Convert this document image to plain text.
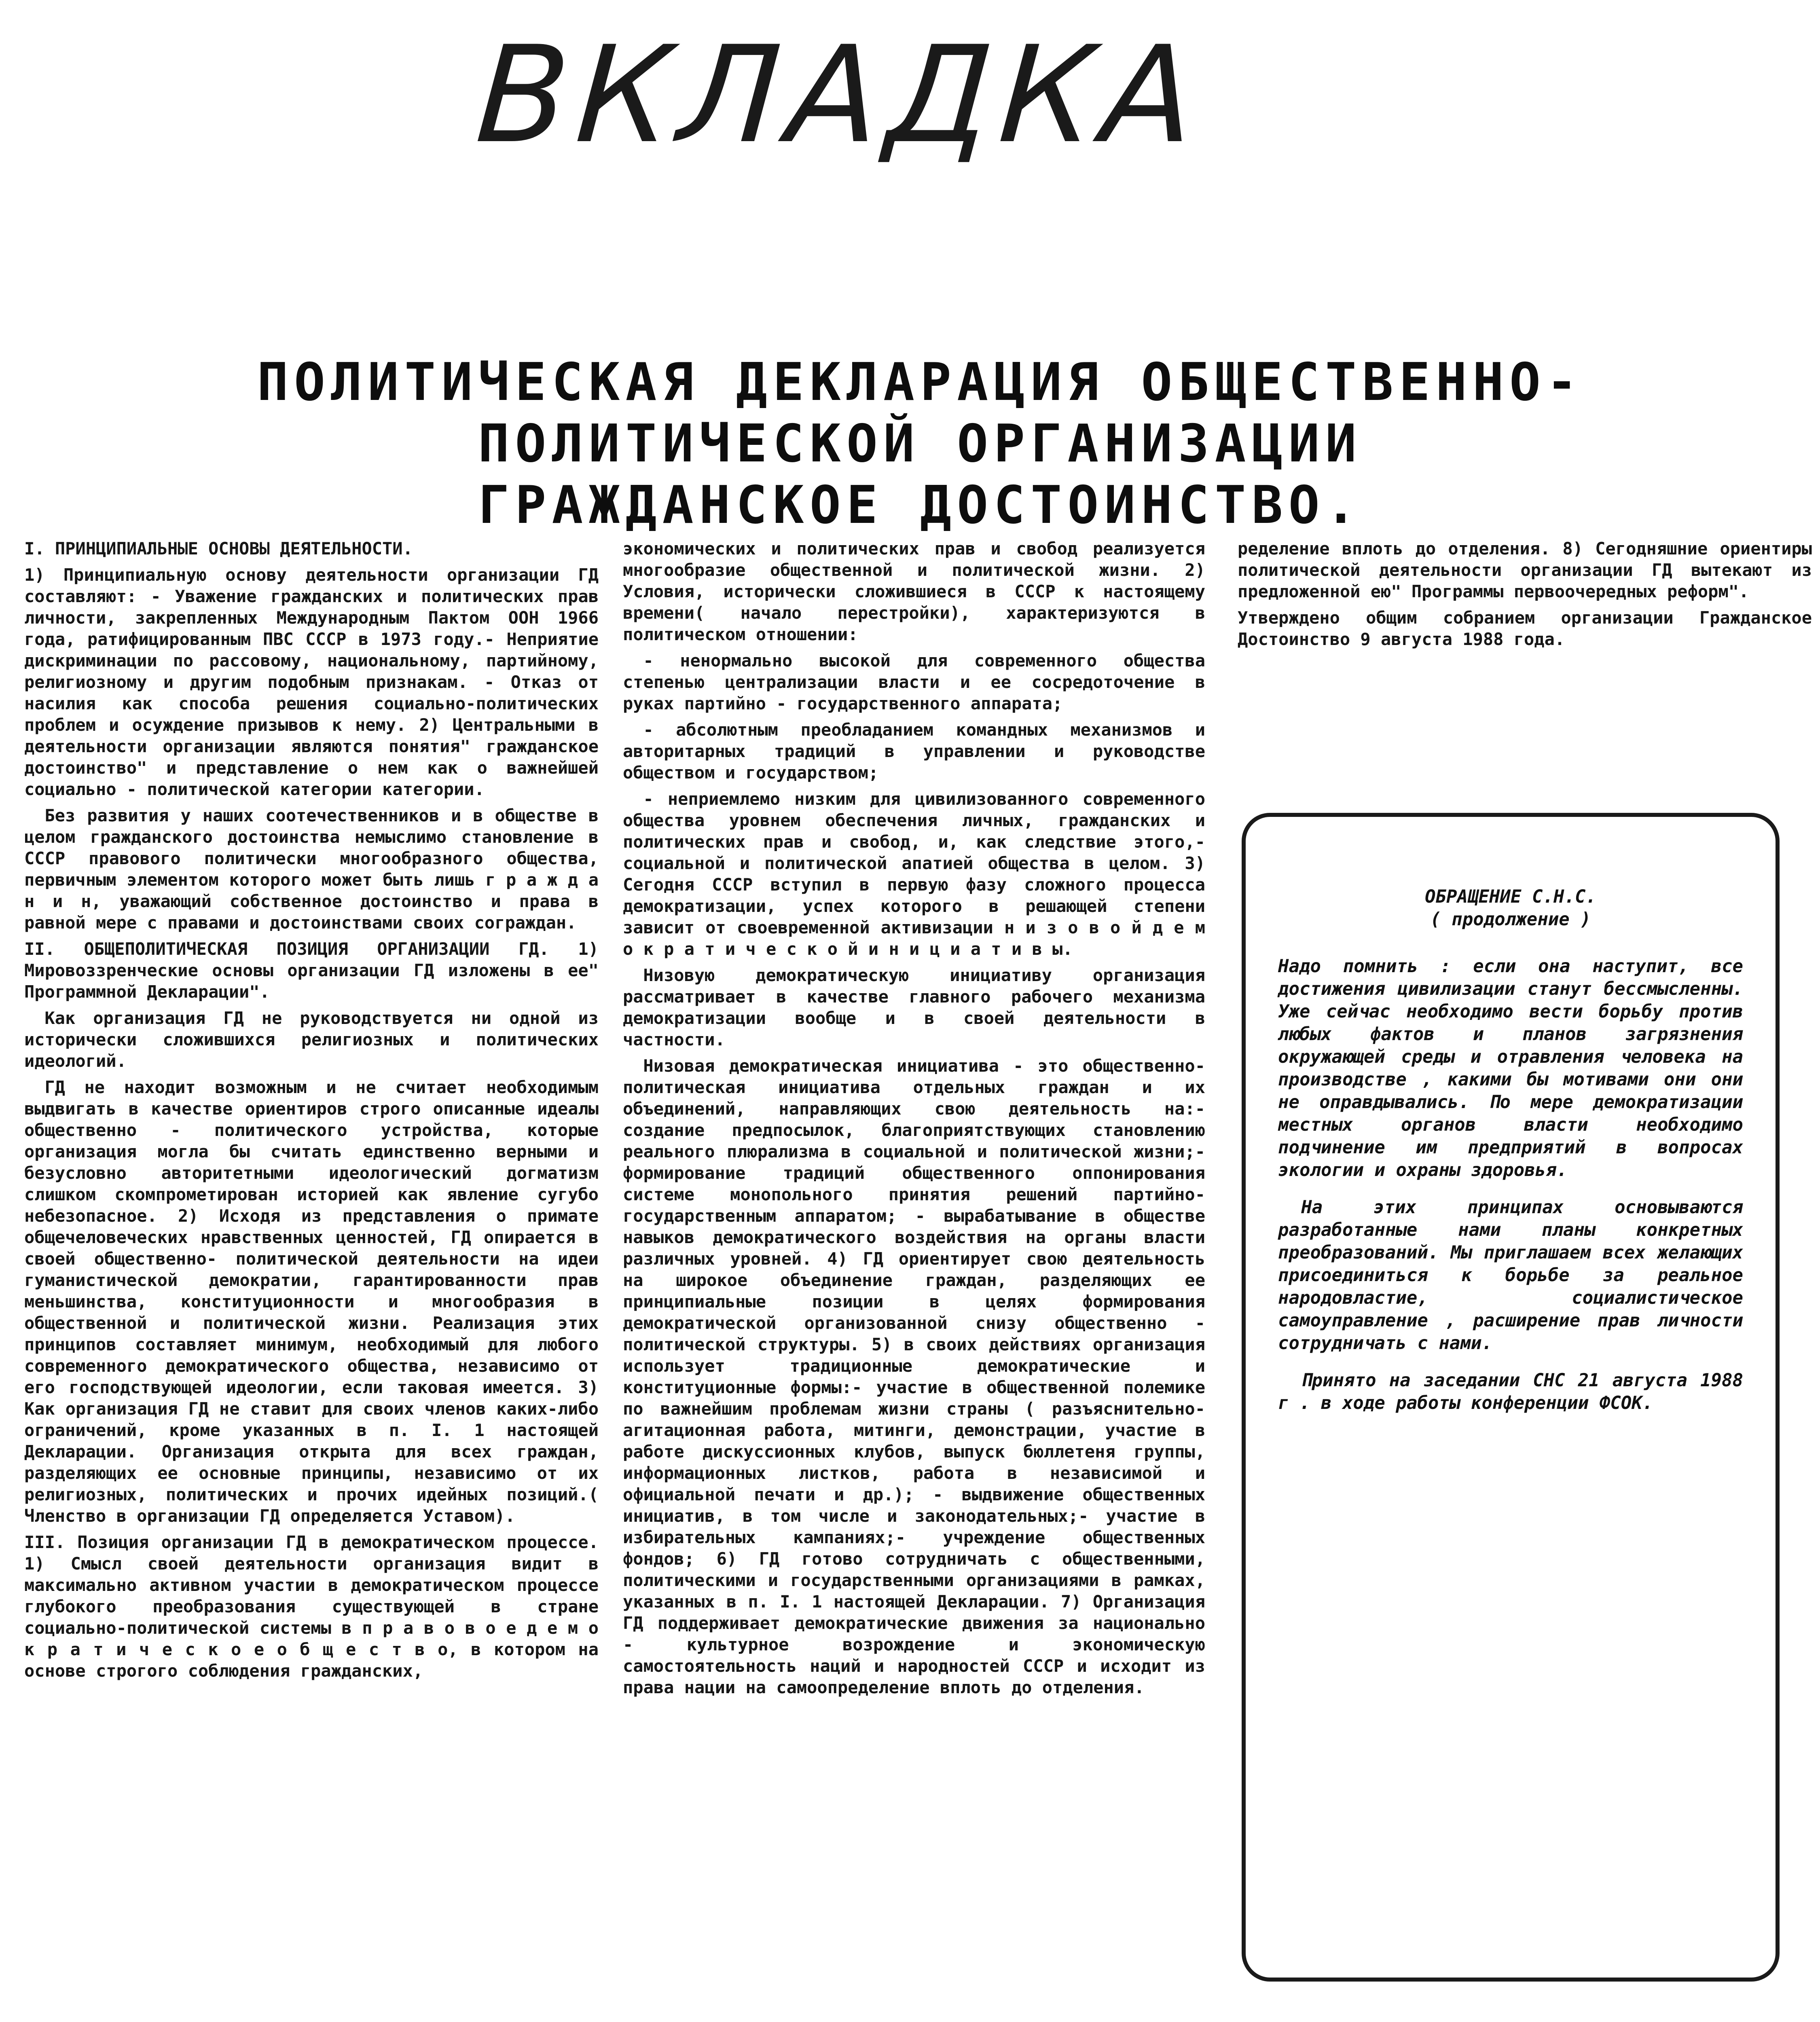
ВКЛАДКА
ПОЛИТИЧЕСКАЯ ДЕКЛАРАЦИЯ ОБЩЕСТВЕННО-
ПОЛИТИЧЕСКОЙ ОРГАНИЗАЦИИ
ГРАЖДАНСКОЕ ДОСТОИНСТВО.

I. ПРИНЦИПИАЛЬНЫЕ ОСНОВЫ ДЕЯТЕЛЬНОСТИ.

1) Принципиальную основу деятельности организации ГД составляют: - Уважение гражданских и политических прав личности, закрепленных Международным Пактом ООН 1966 года, ратифицированным ПВС СССР в 1973 году.- Неприятие дискриминации по рассовому, национальному, партийному, религиозному и другим подобным признакам. - Отказ от насилия как способа решения социально-политических проблем и осуждение призывов к нему. 2) Центральными в деятельности организации являются понятия" гражданское достоинство" и представление о нем как о важнейшей социально - политической категории категории.

Без развития у наших соотечественников и в обществе в целом гражданского достоинства немыслимо становление в СССР правового политически многообразного общества, первичным элементом которого может быть лишь г р а ж д а н и н, уважающий собственное достоинство и права в равной мере с правами и достоинствами своих сограждан.

II. ОБЩЕПОЛИТИЧЕСКАЯ ПОЗИЦИЯ ОРГАНИЗАЦИИ ГД. 1) Мировоззренческие основы организации ГД изложены в ее" Программной Декларации".

Как организация ГД не руководствуется ни одной из исторически сложившихся религиозных и политических идеологий.

ГД не находит возможным и не считает необходимым выдвигать в качестве ориентиров строго описанные идеалы общественно - политического устройства, которые организация могла бы считать единственно верными и безусловно авторитетными идеологический догматизм слишком скомпрометирован историей как явление сугубо небезопасное. 2) Исходя из представления о примате общечеловеческих нравственных ценностей, ГД опирается в своей общественно- политической деятельности на идеи гуманистической демократии, гарантированности прав меньшинства, конституционности и многообразия в общественной и политической жизни. Реализация этих принципов составляет минимум, необходимый для любого современного демократического общества, независимо от его господствующей идеологии, если таковая имеется. 3) Как организация ГД не ставит для своих членов каких-либо ограничений, кроме указанных в п. I. 1 настоящей Декларации. Организация открыта для всех граждан, разделяющих ее основные принципы, независимо от их религиозных, политических и прочих идейных позиций.( Членство в организации ГД определяется Уставом).

III. Позиция организации ГД в демократическом процессе. 1) Смысл своей деятельности организация видит в максимально активном участии в демократическом процессе глубокого преобразования существующей в стране социально-политической системы в п р а в о в о е д е м о к р а т и ч е с к о е о б щ е с т в о, в котором на основе строгого соблюдения гражданских,

экономических и политических прав и свобод реализуется многообразие общественной и политической жизни. 2) Условия, исторически сложившиеся в СССР к настоящему времени( начало перестройки), характеризуются в политическом отношении:

- ненормально высокой для современного общества степенью централизации власти и ее сосредоточение в руках партийно - государственного аппарата;

- абсолютным преобладанием командных механизмов и авторитарных традиций в управлении и руководстве обществом и государством;

- неприемлемо низким для цивилизованного современного общества уровнем обеспечения личных, гражданских и политических прав и свобод, и, как следствие этого,- социальной и политической апатией общества в целом. 3) Сегодня СССР вступил в первую фазу сложного процесса демократизации, успех которого в решающей степени зависит от своевременной активизации н и з о в о й д е м о к р а т и ч е с к о й и н и ц и а т и в ы.

Низовую демократическую инициативу организация рассматривает в качестве главного рабочего механизма демократизации вообще и в своей деятельности в частности.

Низовая демократическая инициатива - это общественно- политическая инициатива отдельных граждан и их объединений, направляющих свою деятельность на:- создание предпосылок, благоприятствующих становлению реального плюрализма в социальной и политической жизни;- формирование традиций общественного оппонирования системе монопольного принятия решений партийно- государственным аппаратом; - вырабатывание в обществе навыков демократического воздействия на органы власти различных уровней. 4) ГД ориентирует свою деятельность на широкое объединение граждан, разделяющих ее принципиальные позиции в целях формирования демократической организованной снизу общественно - политической структуры. 5) в своих действиях организация использует традиционные демократические и конституционные формы:- участие в общественной полемике по важнейшим проблемам жизни страны ( разъяснительно- агитационная работа, митинги, демонстрации, участие в работе дискуссионных клубов, выпуск бюллетеня группы, информационных листков, работа в независимой и официальной печати и др.); - выдвижение общественных инициатив, в том числе и законодательных;- участие в избирательных кампаниях;- учреждение общественных фондов; 6) ГД готово сотрудничать с общественными, политическими и государственными организациями в рамках, указанных в п. I. 1 настоящей Декларации. 7) Организация ГД поддерживает демократические движения за национально - культурное возрождение и экономическую самостоятельность наций и народностей СССР и исходит из права нации на самоопределение вплоть до отделения.

ределение вплоть до отделения. 8) Сегодняшние ориентиры политической деятельности организации ГД вытекают из предложенной ею" Программы первоочередных реформ".

Утверждено общим собранием организации Гражданское Достоинство 9 августа 1988 года.

ОБРАЩЕНИЕ С.Н.С.
( продолжение )

Надо помнить : если она наступит, все достижения цивилизации станут бессмысленны. Уже сейчас необходимо вести борьбу против любых фактов и планов загрязнения окружающей среды и отравления человека на производстве , какими бы мотивами они они не оправдывались. По мере демократизации местных органов власти необходимо подчинение им предприятий в вопросах экологии и охраны здоровья.

На этих принципах основываются разработанные нами планы конкретных преобразований. Мы приглашаем всех желающих присоединиться к борьбе за реальное народовластие, социалистическое самоуправление , расширение прав личности сотрудничать с нами.

Принято на заседании СНС 21 августа 1988 г . в ходе работы конференции ФСОК.
